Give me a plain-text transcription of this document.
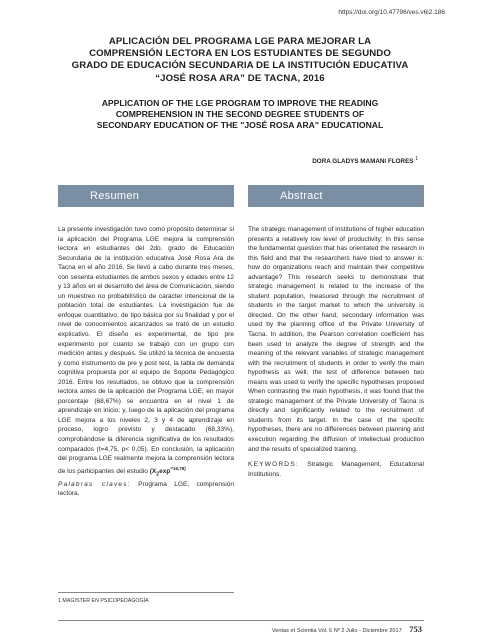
https://doi.org/10.47796/ves.v6i2.186
APLICACIÓN DEL PROGRAMA LGE PARA MEJORAR LA
COMPRENSIÓN LECTORA EN LOS ESTUDIANTES DE SEGUNDO
GRADO DE EDUCACIÓN SECUNDARIA DE LA INSTITUCIÓN EDUCATIVA
“JOSÉ ROSA ARA” DE TACNA, 2016
APPLICATION OF THE LGE PROGRAM TO IMPROVE THE READING
COMPREHENSION IN THE SECOND DEGREE STUDENTS OF
SECONDARY EDUCATION OF THE "JOSÉ ROSA ARA" EDUCATIONAL
DORA GLADYS MAMANI FLORES $^1$
Resumen	Abstract

La presente investigación tuvo como propósito determinar si la aplicación del Programa LGE mejora la comprensión lectora en estudiantes del 2do. grado de Educación Secundaria de la institución educativa José Rosa Ara de Tacna en el año 2016. Se llevó a cabo durante tres meses, con sesenta estudiantes de ambos sexos y edades entre 12 y 13 años en el desarrollo del área de Comunicación, siendo un muestreo no probabilístico de carácter intencional de la población total de estudiantes. La investigación fue de enfoque cuantitativo, de tipo básica por su finalidad y por el nivel de conocimientos alcanzados se trató de un estudio explicativo. El diseño es experimental, de tipo pre experimento por cuanto se trabajó con un grupo con medición antes y después. Se utilizó la técnica de encuesta y como instrumento de pre y post test, la tabla de demanda cognitiva propuesta por el equipo de Soporte Pedagógico 2016. Entre los resultados, se obtuvo que la comprensión lectora antes de la aplicación del Programa LGE, en mayor porcentaje (68,67%) se encuentra en el nivel 1 de aprendizaje en inicio; y, luego de la aplicación del programa LGE mejora a los niveles 2, 3 y 4 de aprendizaje en proceso, logro previsto y destacado (68,33%), comprobándose la diferencia significativa de los resultados comparados (t=4,75, p< 0,05). En conclusión, la aplicación del programa LGE realmente mejora la comprensión lectora de los participantes del estudio ($X_2\exp^{=16,78)}$

Palabras claves: Programa LGE, comprensión lectora.

The strategic management of institutions of higher education presents a relatively low level of productivity; In this sense the fundamental question that has orientated the research in this field and that the researchers have tried to answer is: how do organizations reach and maintain their competitive advantage? This research seeks to demonstrate that strategic management is related to the increase of the student population, measured through the recruitment of students in the target market to which the university is directed. On the other hand, secondary information was used by the planning office of the Private University of Tacna. In addition, the Pearson correlation coefficient has been used to analyze the degree of strength and the meaning of the relevant variables of strategic management with the recruitment of students in order to verify the main hypothesis as well, the test of difference between two means was used to verify the specific hypotheses proposed When contrasting the main hypothesis, it was found that the strategic management of the Private University of Tacna is directly and significantly related to the recruitment of students from its target. In the case of the specific hypotheses, there are no differences between planning and execution regarding the diffusion of intellectual production and the results of specialized training.

KEYWORDS: Strategic Management, Educational Institutions.

1 MAGISTER EN PSICOPEDAGOGÍA
Ventas et Scientia Vol. 6 Nº 2 Julio - Diciembre 2017 753
